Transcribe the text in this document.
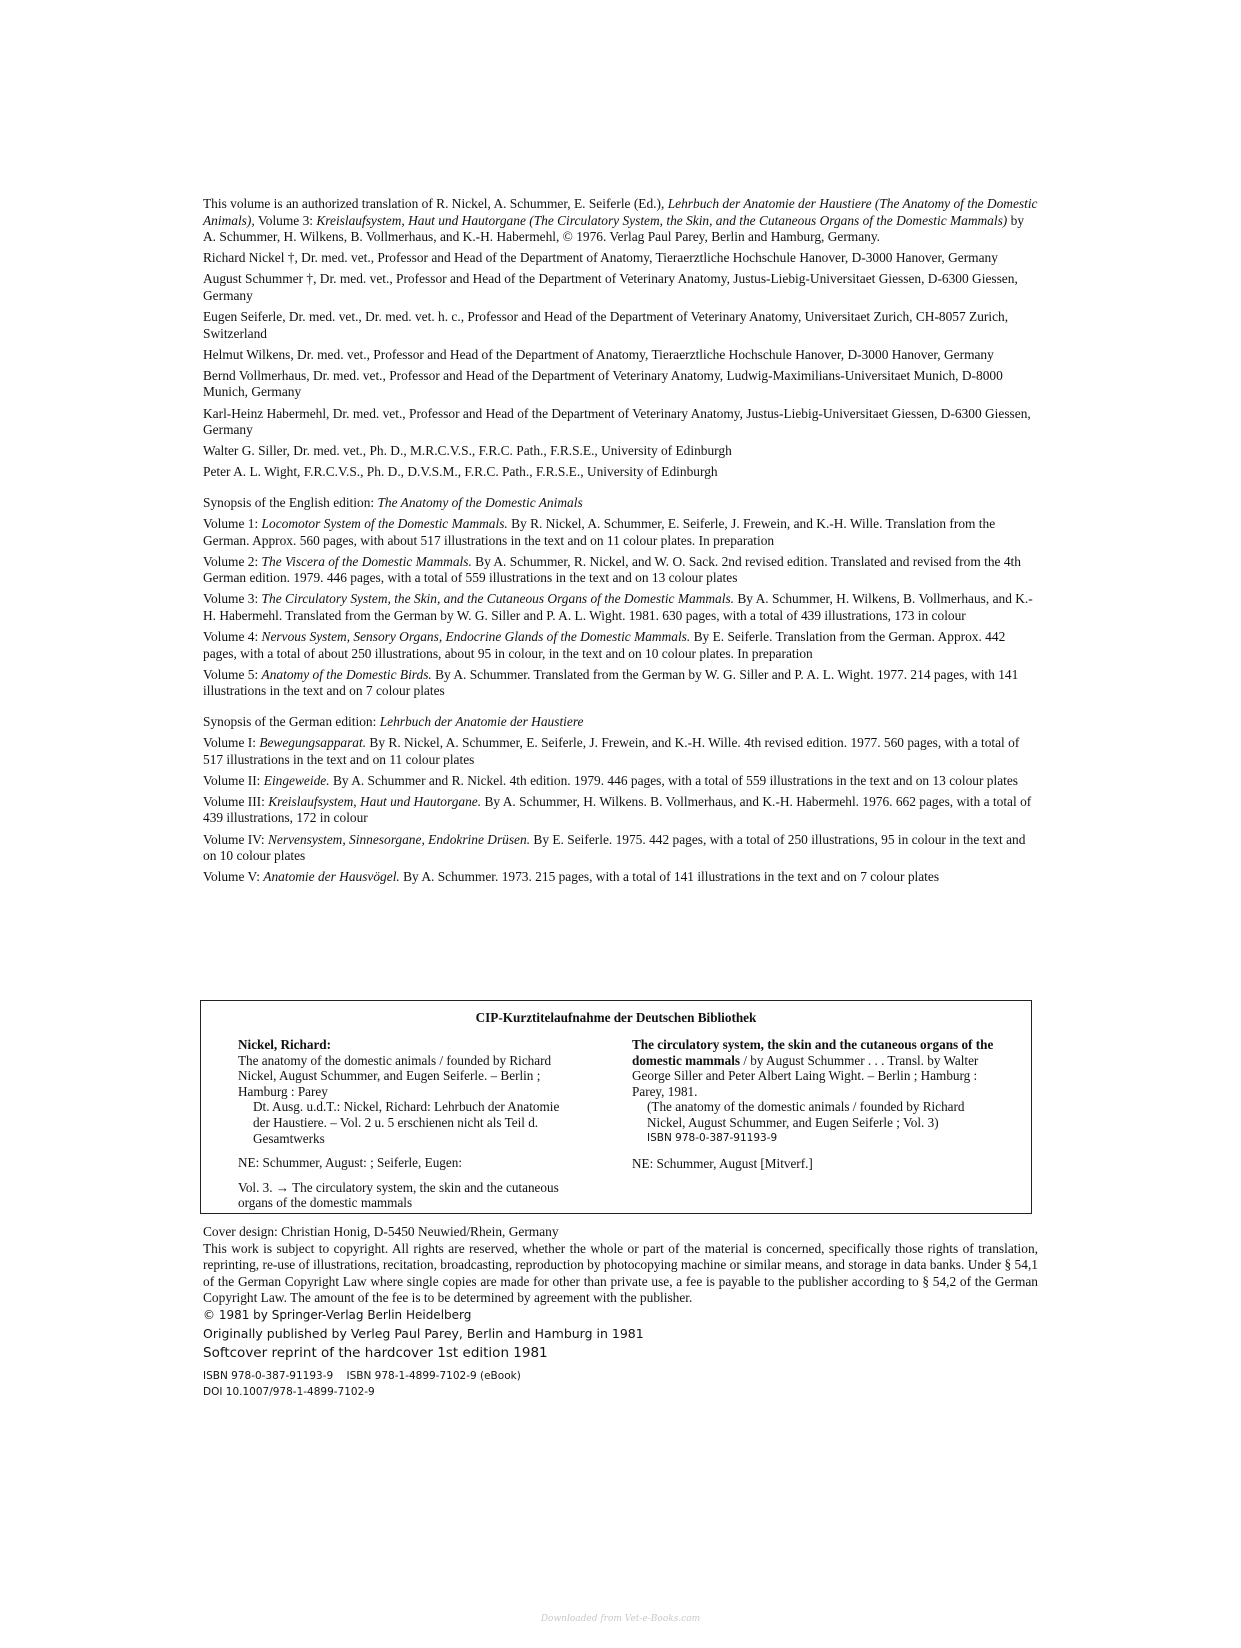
This volume is an authorized translation of R. Nickel, A. Schummer, E. Seiferle (Ed.), Lehrbuch der Anatomie der Haustiere (The Anatomy of the Domestic Animals), Volume 3: Kreislaufsystem, Haut und Hautorgane (The Circulatory System, the Skin, and the Cutaneous Organs of the Domestic Mammals) by A. Schummer, H. Wilkens, B. Vollmerhaus, and K.-H. Habermehl, © 1976. Verlag Paul Parey, Berlin and Hamburg, Germany.

Richard Nickel †, Dr. med. vet., Professor and Head of the Department of Anatomy, Tieraerztliche Hochschule Hanover, D-3000 Hanover, Germany

August Schummer †, Dr. med. vet., Professor and Head of the Department of Veterinary Anatomy, Justus-Liebig-Universitaet Giessen, D-6300 Giessen, Germany

Eugen Seiferle, Dr. med. vet., Dr. med. vet. h. c., Professor and Head of the Department of Veterinary Anatomy, Universitaet Zurich, CH-8057 Zurich, Switzerland

Helmut Wilkens, Dr. med. vet., Professor and Head of the Department of Anatomy, Tieraerztliche Hochschule Hanover, D-3000 Hanover, Germany

Bernd Vollmerhaus, Dr. med. vet., Professor and Head of the Department of Veterinary Anatomy, Ludwig-Maximilians-Universitaet Munich, D-8000 Munich, Germany

Karl-Heinz Habermehl, Dr. med. vet., Professor and Head of the Department of Veterinary Anatomy, Justus-Liebig-Universitaet Giessen, D-6300 Giessen, Germany

Walter G. Siller, Dr. med. vet., Ph. D., M.R.C.V.S., F.R.C. Path., F.R.S.E., University of Edinburgh

Peter A. L. Wight, F.R.C.V.S., Ph. D., D.V.S.M., F.R.C. Path., F.R.S.E., University of Edinburgh

Synopsis of the English edition: The Anatomy of the Domestic Animals

Volume 1: Locomotor System of the Domestic Mammals. By R. Nickel, A. Schummer, E. Seiferle, J. Frewein, and K.-H. Wille. Translation from the German. Approx. 560 pages, with about 517 illustrations in the text and on 11 colour plates. In preparation

Volume 2: The Viscera of the Domestic Mammals. By A. Schummer, R. Nickel, and W. O. Sack. 2nd revised edition. Translated and revised from the 4th German edition. 1979. 446 pages, with a total of 559 illustrations in the text and on 13 colour plates

Volume 3: The Circulatory System, the Skin, and the Cutaneous Organs of the Domestic Mammals. By A. Schummer, H. Wilkens, B. Vollmerhaus, and K.-H. Habermehl. Translated from the German by W. G. Siller and P. A. L. Wight. 1981. 630 pages, with a total of 439 illustrations, 173 in colour

Volume 4: Nervous System, Sensory Organs, Endocrine Glands of the Domestic Mammals. By E. Seiferle. Translation from the German. Approx. 442 pages, with a total of about 250 illustrations, about 95 in colour, in the text and on 10 colour plates. In preparation

Volume 5: Anatomy of the Domestic Birds. By A. Schummer. Translated from the German by W. G. Siller and P. A. L. Wight. 1977. 214 pages, with 141 illustrations in the text and on 7 colour plates

Synopsis of the German edition: Lehrbuch der Anatomie der Haustiere

Volume I: Bewegungsapparat. By R. Nickel, A. Schummer, E. Seiferle, J. Frewein, and K.-H. Wille. 4th revised edition. 1977. 560 pages, with a total of 517 illustrations in the text and on 11 colour plates

Volume II: Eingeweide. By A. Schummer and R. Nickel. 4th edition. 1979. 446 pages, with a total of 559 illustrations in the text and on 13 colour plates

Volume III: Kreislaufsystem, Haut und Hautorgane. By A. Schummer, H. Wilkens. B. Vollmerhaus, and K.-H. Habermehl. 1976. 662 pages, with a total of 439 illustrations, 172 in colour

Volume IV: Nervensystem, Sinnesorgane, Endokrine Drüsen. By E. Seiferle. 1975. 442 pages, with a total of 250 illustrations, 95 in colour in the text and on 10 colour plates

Volume V: Anatomie der Hausvögel. By A. Schummer. 1973. 215 pages, with a total of 141 illustrations in the text and on 7 colour plates

CIP-Kurztitelaufnahme der Deutschen Bibliothek

Nickel, Richard:

The anatomy of the domestic animals / founded by Richard Nickel, August Schummer, and Eugen Seiferle. – Berlin ; Hamburg : Parey

Dt. Ausg. u.d.T.: Nickel, Richard: Lehrbuch der Anatomie der Haustiere. – Vol. 2 u. 5 erschienen nicht als Teil d. Gesamtwerks

NE: Schummer, August: ; Seiferle, Eugen:

Vol. 3. → The circulatory system, the skin and the cutaneous organs of the domestic mammals

The circulatory system, the skin and the cutaneous organs of the domestic mammals / by August Schummer . . . Transl. by Walter George Siller and Peter Albert Laing Wight. – Berlin ; Hamburg : Parey, 1981.

(The anatomy of the domestic animals / founded by Richard Nickel, August Schummer, and Eugen Seiferle ; Vol. 3)

ISBN 978-0-387-91193-9

NE: Schummer, August [Mitverf.]

Cover design: Christian Honig, D-5450 Neuwied/Rhein, Germany

This work is subject to copyright. All rights are reserved, whether the whole or part of the material is concerned, specifically those rights of translation, reprinting, re-use of illustrations, recitation, broadcasting, reproduction by photocopying machine or similar means, and storage in data banks. Under § 54,1 of the German Copyright Law where single copies are made for other than private use, a fee is payable to the publisher according to § 54,2 of the German Copyright Law. The amount of the fee is to be determined by agreement with the publisher.

© 1981 by Springer-Verlag Berlin Heidelberg

Originally published by Verleg Paul Parey, Berlin and Hamburg in 1981

Softcover reprint of the hardcover 1st edition 1981

ISBN 978-0-387-91193-9    ISBN 978-1-4899-7102-9 (eBook)

DOI 10.1007/978-1-4899-7102-9

Downloaded from Vet-e-Books.com
